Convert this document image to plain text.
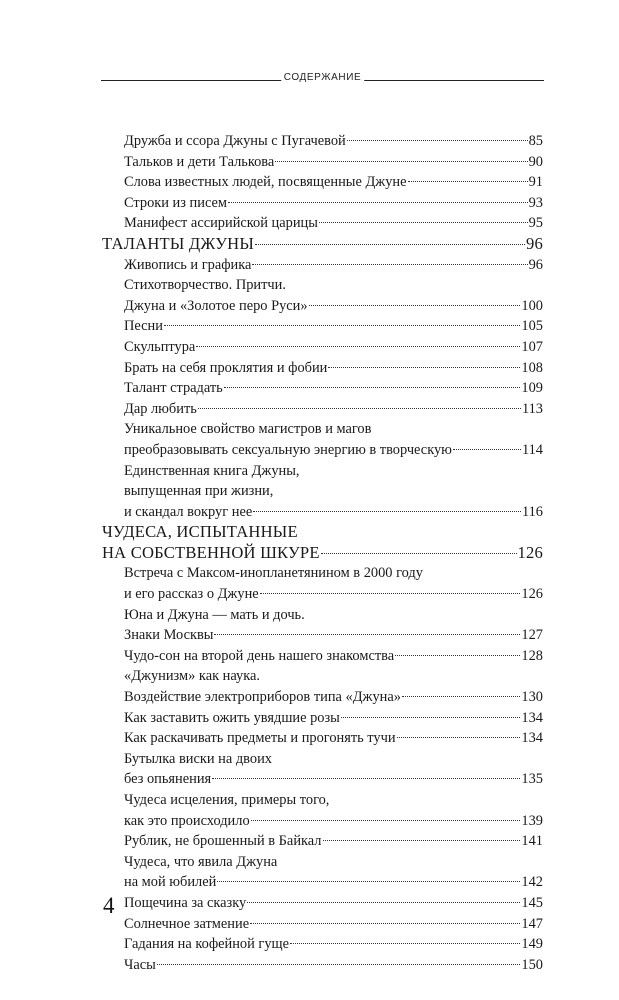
СОДЕРЖАНИЕ
Дружба и ссора Джуны с Пугачевой	85
Тальков и дети Талькова	90
Слова известных людей, посвященные Джуне	91
Строки из писем	93
Манифест ассирийской царицы	95
ТАЛАНТЫ ДЖУНЫ	96
Живопись и графика	96
Стихотворчество. Притчи.
Джуна и «Золотое перо Руси»	100
Песни	105
Скульптура	107
Брать на себя проклятия и фобии	108
Талант страдать	109
Дар любить	113
Уникальное свойство магистров и магов
преобразовывать сексуальную энергию в творческую	114
Единственная книга Джуны,
выпущенная при жизни,
и скандал вокруг нее	116
ЧУДЕСА, ИСПЫТАННЫЕ
НА СОБСТВЕННОЙ ШКУРЕ	126
Встреча с Максом-инопланетянином в 2000 году
и его рассказ о Джуне	126
Юна и Джуна — мать и дочь.
Знаки Москвы	127
Чудо-сон на второй день нашего знакомства	128
«Джунизм» как наука.
Воздействие электроприборов типа «Джуна»	130
Как заставить ожить увядшие розы	134
Как раскачивать предметы и прогонять тучи	134
Бутылка виски на двоих
без опьянения	135
Чудеса исцеления, примеры того,
как это происходило	139
Рублик, не брошенный в Байкал	141
Чудеса, что явила Джуна
на мой юбилей	142
Пощечина за сказку	145
Солнечное затмение	147
Гадания на кофейной гуще	149
Часы	150
4
